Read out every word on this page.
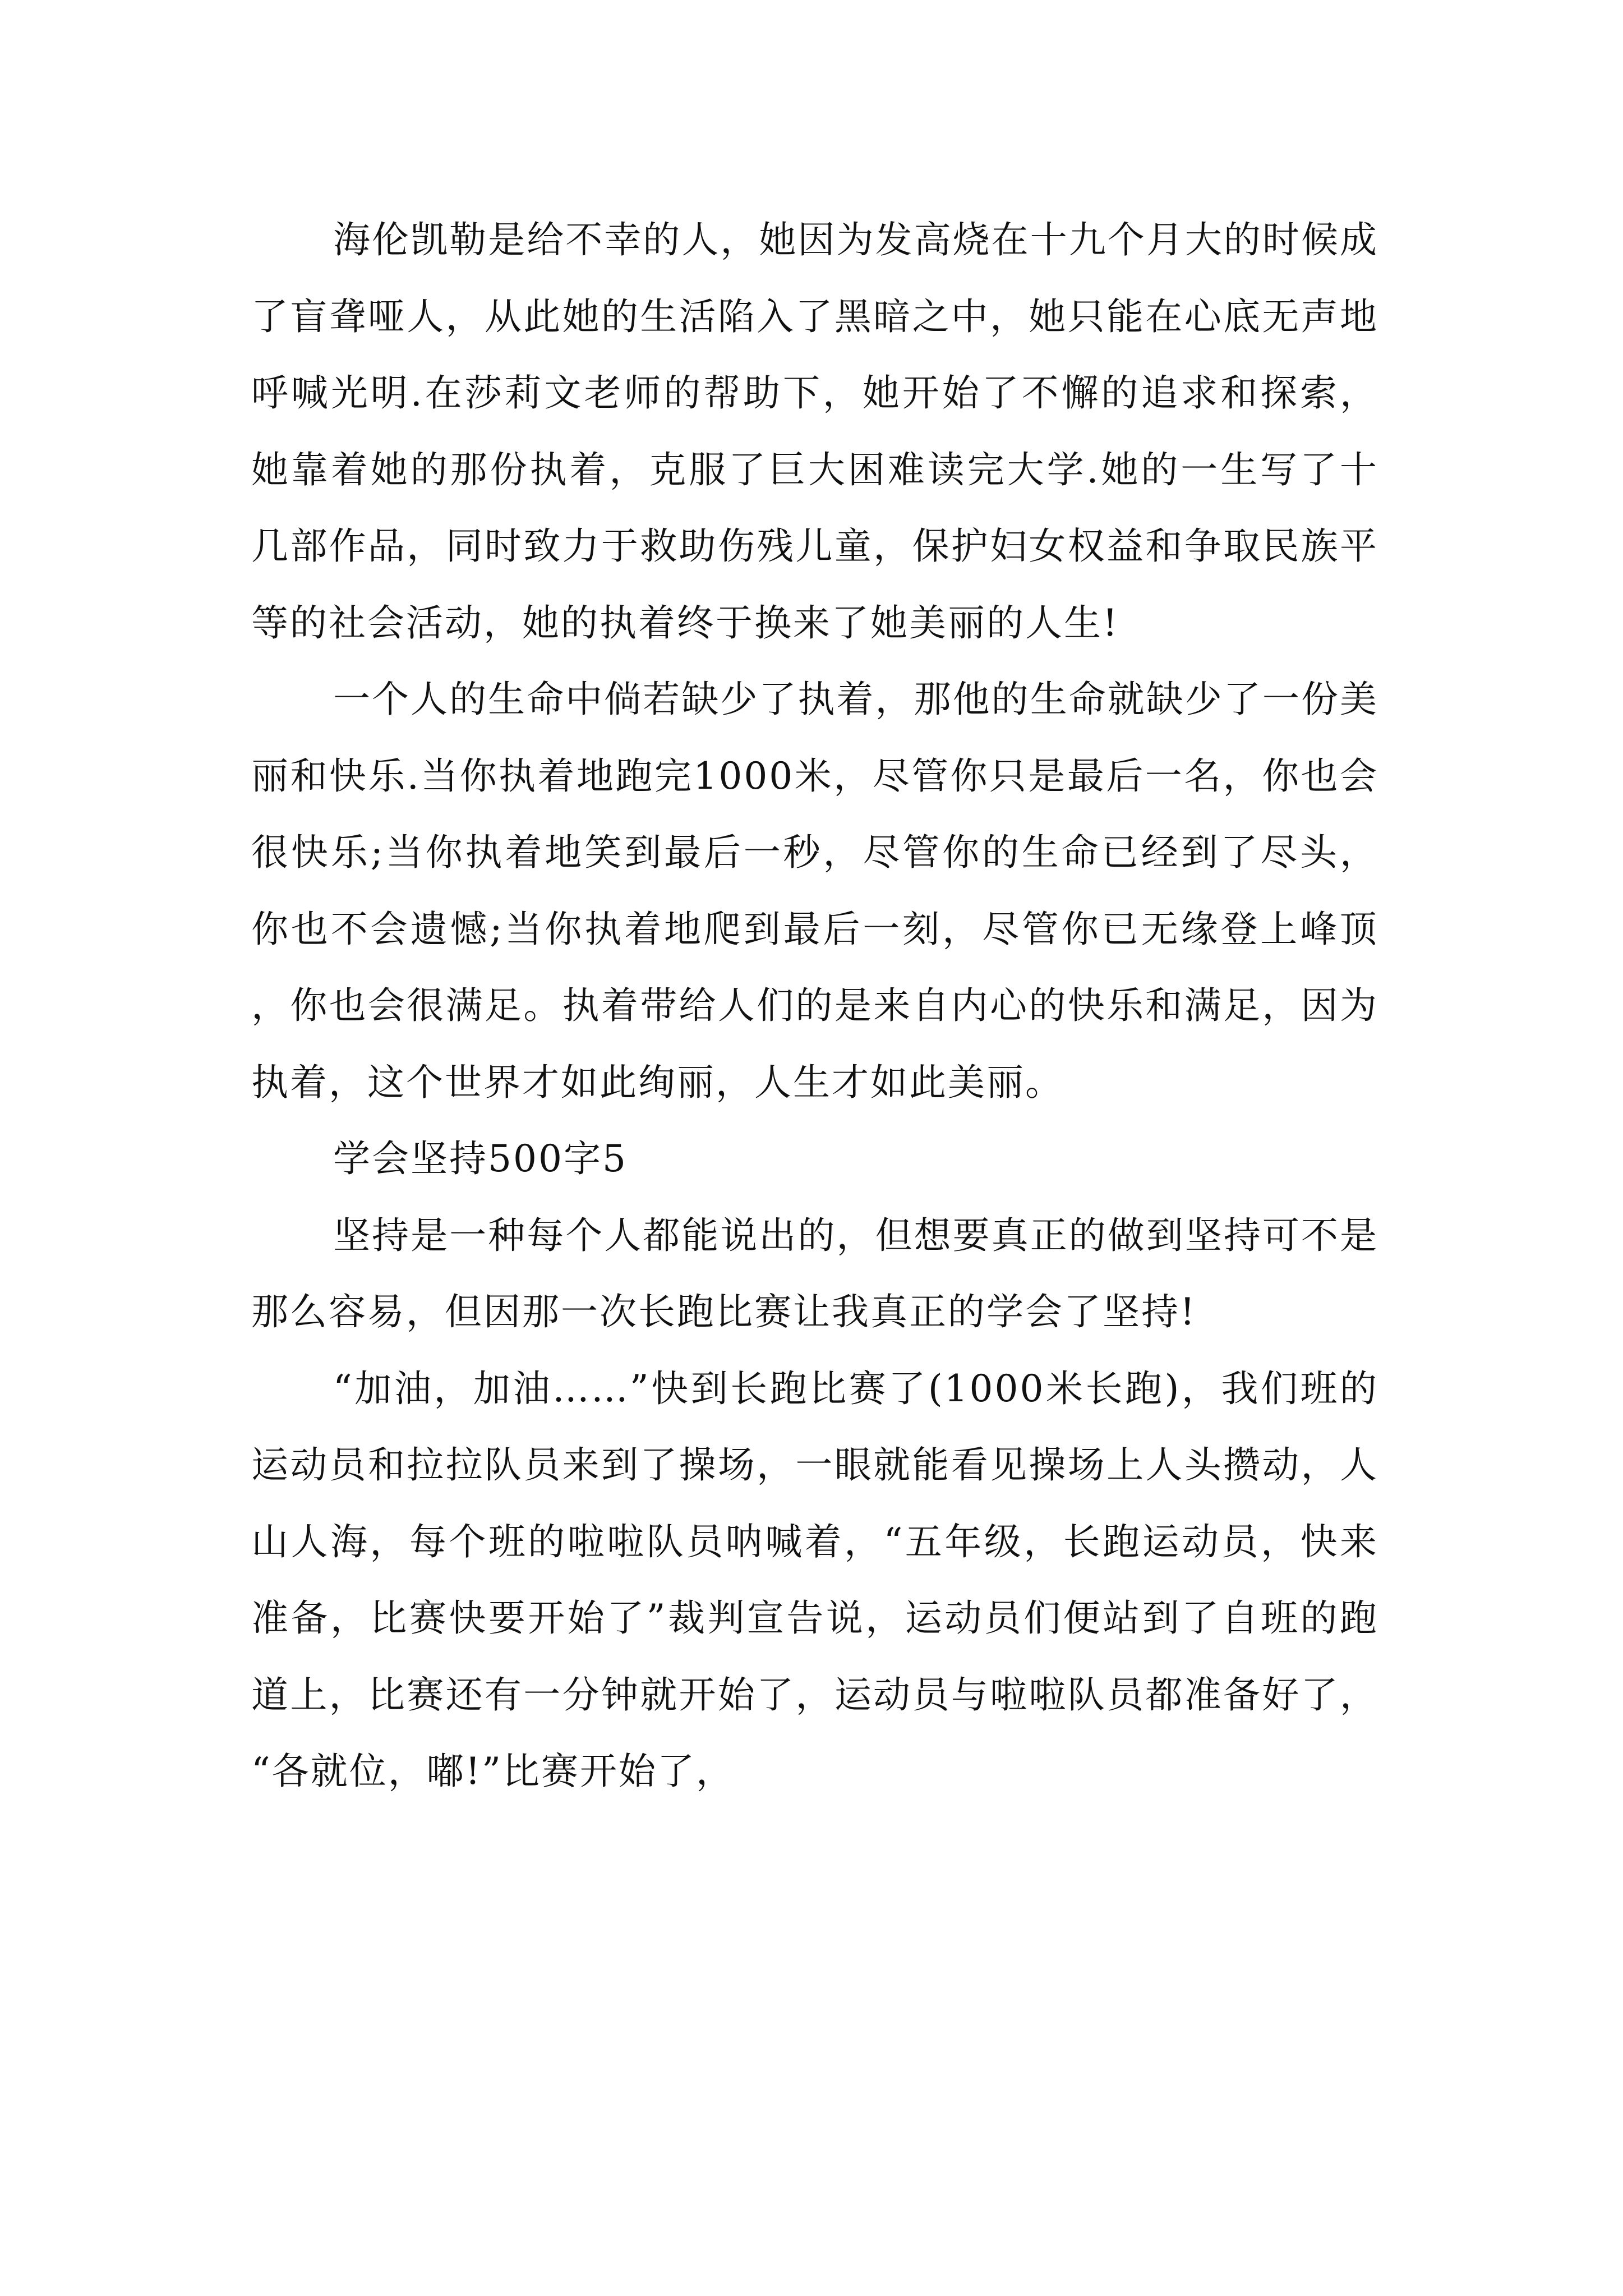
海伦凯勒是给不幸的人，她因为发高烧在十九个月大的时候成了盲聋哑人，从此她的生活陷入了黑暗之中，她只能在心底无声地呼喊光明.在莎莉文老师的帮助下，她开始了不懈的追求和探索，她靠着她的那份执着，克服了巨大困难读完大学.她的一生写了十几部作品，同时致力于救助伤残儿童，保护妇女权益和争取民族平等的社会活动，她的执着终于换来了她美丽的人生!

一个人的生命中倘若缺少了执着，那他的生命就缺少了一份美丽和快乐.当你执着地跑完1000米，尽管你只是最后一名，你也会很快乐;当你执着地笑到最后一秒，尽管你的生命已经到了尽头，你也不会遗憾;当你执着地爬到最后一刻，尽管你已无缘登上峰顶，你也会很满足。执着带给人们的是来自内心的快乐和满足，因为执着，这个世界才如此绚丽，人生才如此美丽。

学会坚持500字5

坚持是一种每个人都能说出的，但想要真正的做到坚持可不是那么容易，但因那一次长跑比赛让我真正的学会了坚持!

“加油，加油……”快到长跑比赛了(1000米长跑)，我们班的运动员和拉拉队员来到了操场，一眼就能看见操场上人头攒动，人山人海，每个班的啦啦队员呐喊着，“五年级，长跑运动员，快来准备，比赛快要开始了”裁判宣告说，运动员们便站到了自班的跑道上，比赛还有一分钟就开始了，运动员与啦啦队员都准备好了，“各就位，嘟!”比赛开始了，
